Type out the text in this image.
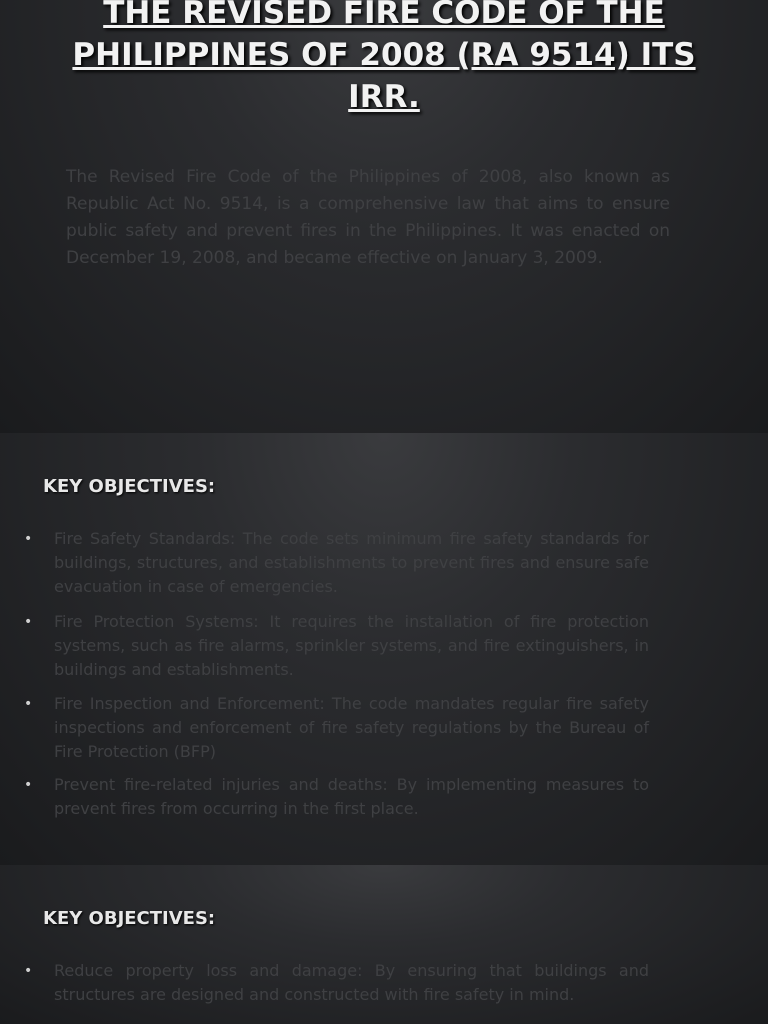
THE REVISED FIRE CODE OF THE
PHILIPPINES OF 2008 (RA 9514) ITS
IRR.

The Revised Fire Code of the Philippines of 2008, also known as Republic Act No. 9514, is a comprehensive law that aims to ensure public safety and prevent fires in the Philippines. It was enacted on December 19, 2008, and became effective on January 3, 2009.

KEY OBJECTIVES:
• Fire Safety Standards: The code sets minimum fire safety standards for buildings, structures, and establishments to prevent fires and ensure safe evacuation in case of emergencies.
• Fire Protection Systems: It requires the installation of fire protection systems, such as fire alarms, sprinkler systems, and fire extinguishers, in buildings and establishments.
• Fire Inspection and Enforcement: The code mandates regular fire safety inspections and enforcement of fire safety regulations by the Bureau of Fire Protection (BFP)
• Prevent fire-related injuries and deaths: By implementing measures to prevent fires from occurring in the first place.
KEY OBJECTIVES:
• Reduce property loss and damage: By ensuring that buildings and structures are designed and constructed with fire safety in mind.
